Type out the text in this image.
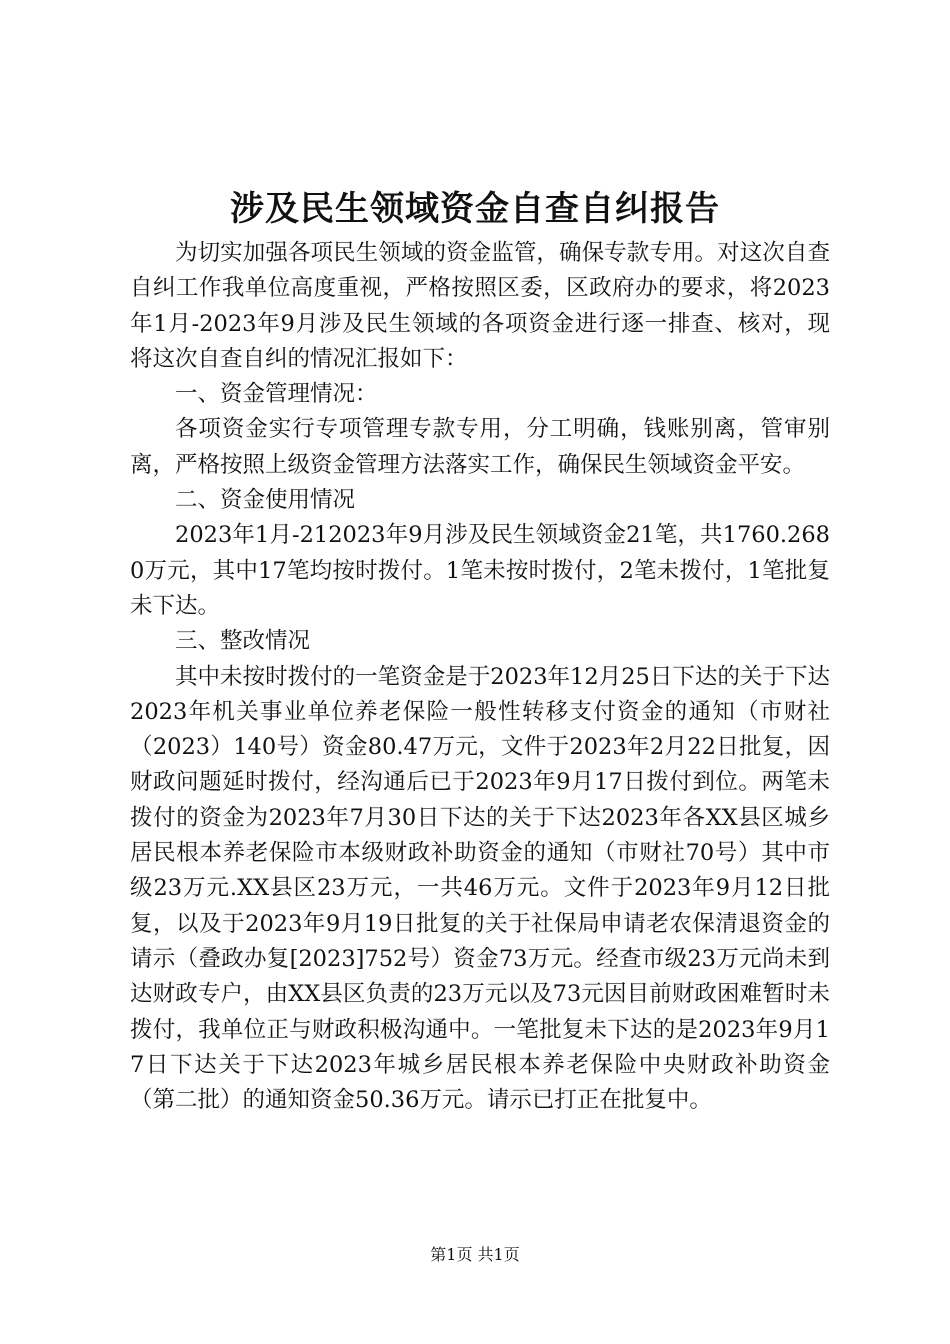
涉及民生领域资金自查自纠报告

为切实加强各项民生领域的资金监管，确保专款专用。对这次自查自纠工作我单位高度重视，严格按照区委，区政府办的要求，将2023年1月-2023年9月涉及民生领域的各项资金进行逐一排查、核对，现将这次自查自纠的情况汇报如下：

一、资金管理情况：

各项资金实行专项管理专款专用，分工明确，钱账别离，管审别离，严格按照上级资金管理方法落实工作，确保民生领域资金平安。

二、资金使用情况

2023年1月-212023年9月涉及民生领域资金21笔，共1760.2680万元，其中17笔均按时拨付。1笔未按时拨付，2笔未拨付，1笔批复未下达。

三、整改情况

其中未按时拨付的一笔资金是于2023年12月25日下达的关于下达2023年机关事业单位养老保险一般性转移支付资金的通知（市财社（2023）140号）资金80.47万元，文件于2023年2月22日批复，因财政问题延时拨付，经沟通后已于2023年9月17日拨付到位。两笔未拨付的资金为2023年7月30日下达的关于下达2023年各XX县区城乡居民根本养老保险市本级财政补助资金的通知（市财社70号）其中市级23万元.XX县区23万元，一共46万元。文件于2023年9月12日批复，以及于2023年9月19日批复的关于社保局申请老农保清退资金的请示（叠政办复[2023]752号）资金73万元。经查市级23万元尚未到达财政专户，由XX县区负责的23万元以及73元因目前财政困难暂时未拨付，我单位正与财政积极沟通中。一笔批复未下达的是2023年9月17日下达关于下达2023年城乡居民根本养老保险中央财政补助资金（第二批）的通知资金50.36万元。请示已打正在批复中。

第1页 共1页
